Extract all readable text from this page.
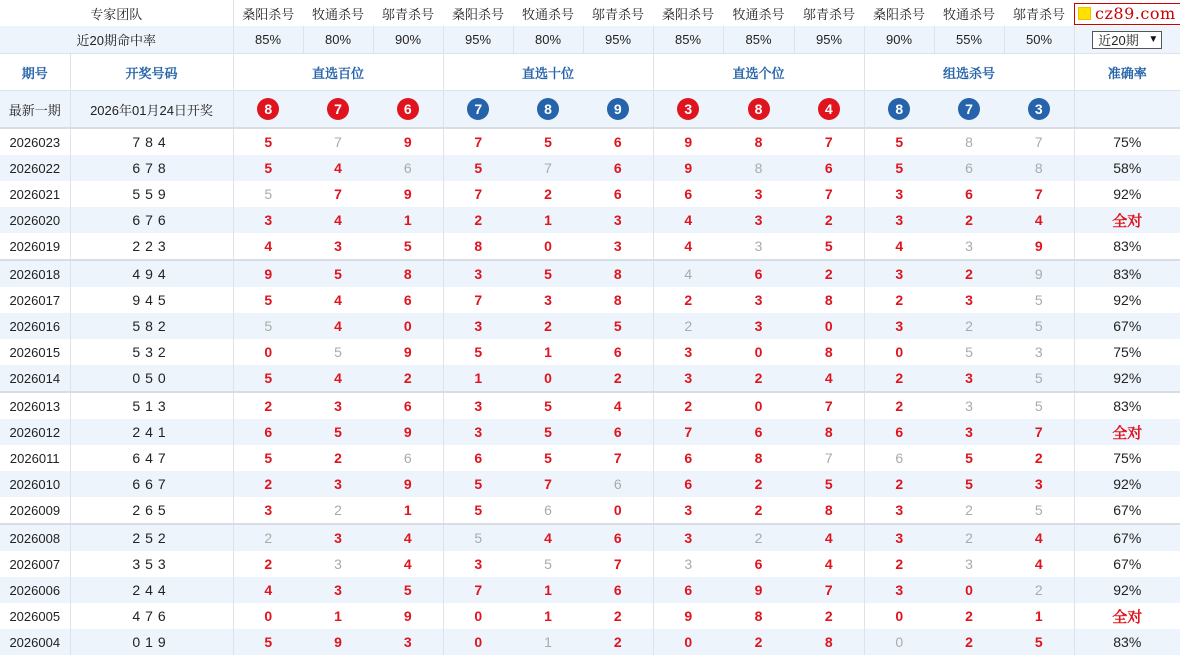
专家团队		桑阳杀号	牧通杀号	邬青杀号	桑阳杀号	牧通杀号	邬青杀号	桑阳杀号	牧通杀号	邬青杀号	桑阳杀号	牧通杀号	邬青杀号	cz89.com

近20期命中率		85%	80%	90%	95%	80%	95%	85%	85%	95%	90%	55%	50%	近20期 ▼

期号	开奖号码	直选百位			直选十位			直选个位			组选杀号			准确率
最新一期	2026年01月24日开奖	8	7	6	7	8	9	3	8	4	8	7	3	
2026023	784	5	7	9	7	5	6	9	8	7	5	8	7	75%
2026022	678	5	4	6	5	7	6	9	8	6	5	6	8	58%
2026021	559	5	7	9	7	2	6	6	3	7	3	6	7	92%
2026020	676	3	4	1	2	1	3	4	3	2	3	2	4	全对
2026019	223	4	3	5	8	0	3	4	3	5	4	3	9	83%
2026018	494	9	5	8	3	5	8	4	6	2	3	2	9	83%
2026017	945	5	4	6	7	3	8	2	3	8	2	3	5	92%
2026016	582	5	4	0	3	2	5	2	3	0	3	2	5	67%
2026015	532	0	5	9	5	1	6	3	0	8	0	5	3	75%
2026014	050	5	4	2	1	0	2	3	2	4	2	3	5	92%
2026013	513	2	3	6	3	5	4	2	0	7	2	3	5	83%
2026012	241	6	5	9	3	5	6	7	6	8	6	3	7	全对
2026011	647	5	2	6	6	5	7	6	8	7	6	5	2	75%
2026010	667	2	3	9	5	7	6	6	2	5	2	5	3	92%
2026009	265	3	2	1	5	6	0	3	2	8	3	2	5	67%
2026008	252	2	3	4	5	4	6	3	2	4	3	2	4	67%
2026007	353	2	3	4	3	5	7	3	6	4	2	3	4	67%
2026006	244	4	3	5	7	1	6	6	9	7	3	0	2	92%
2026005	476	0	1	9	0	1	2	9	8	2	0	2	1	全对
2026004	019	5	9	3	0	1	2	0	2	8	0	2	5	83%
